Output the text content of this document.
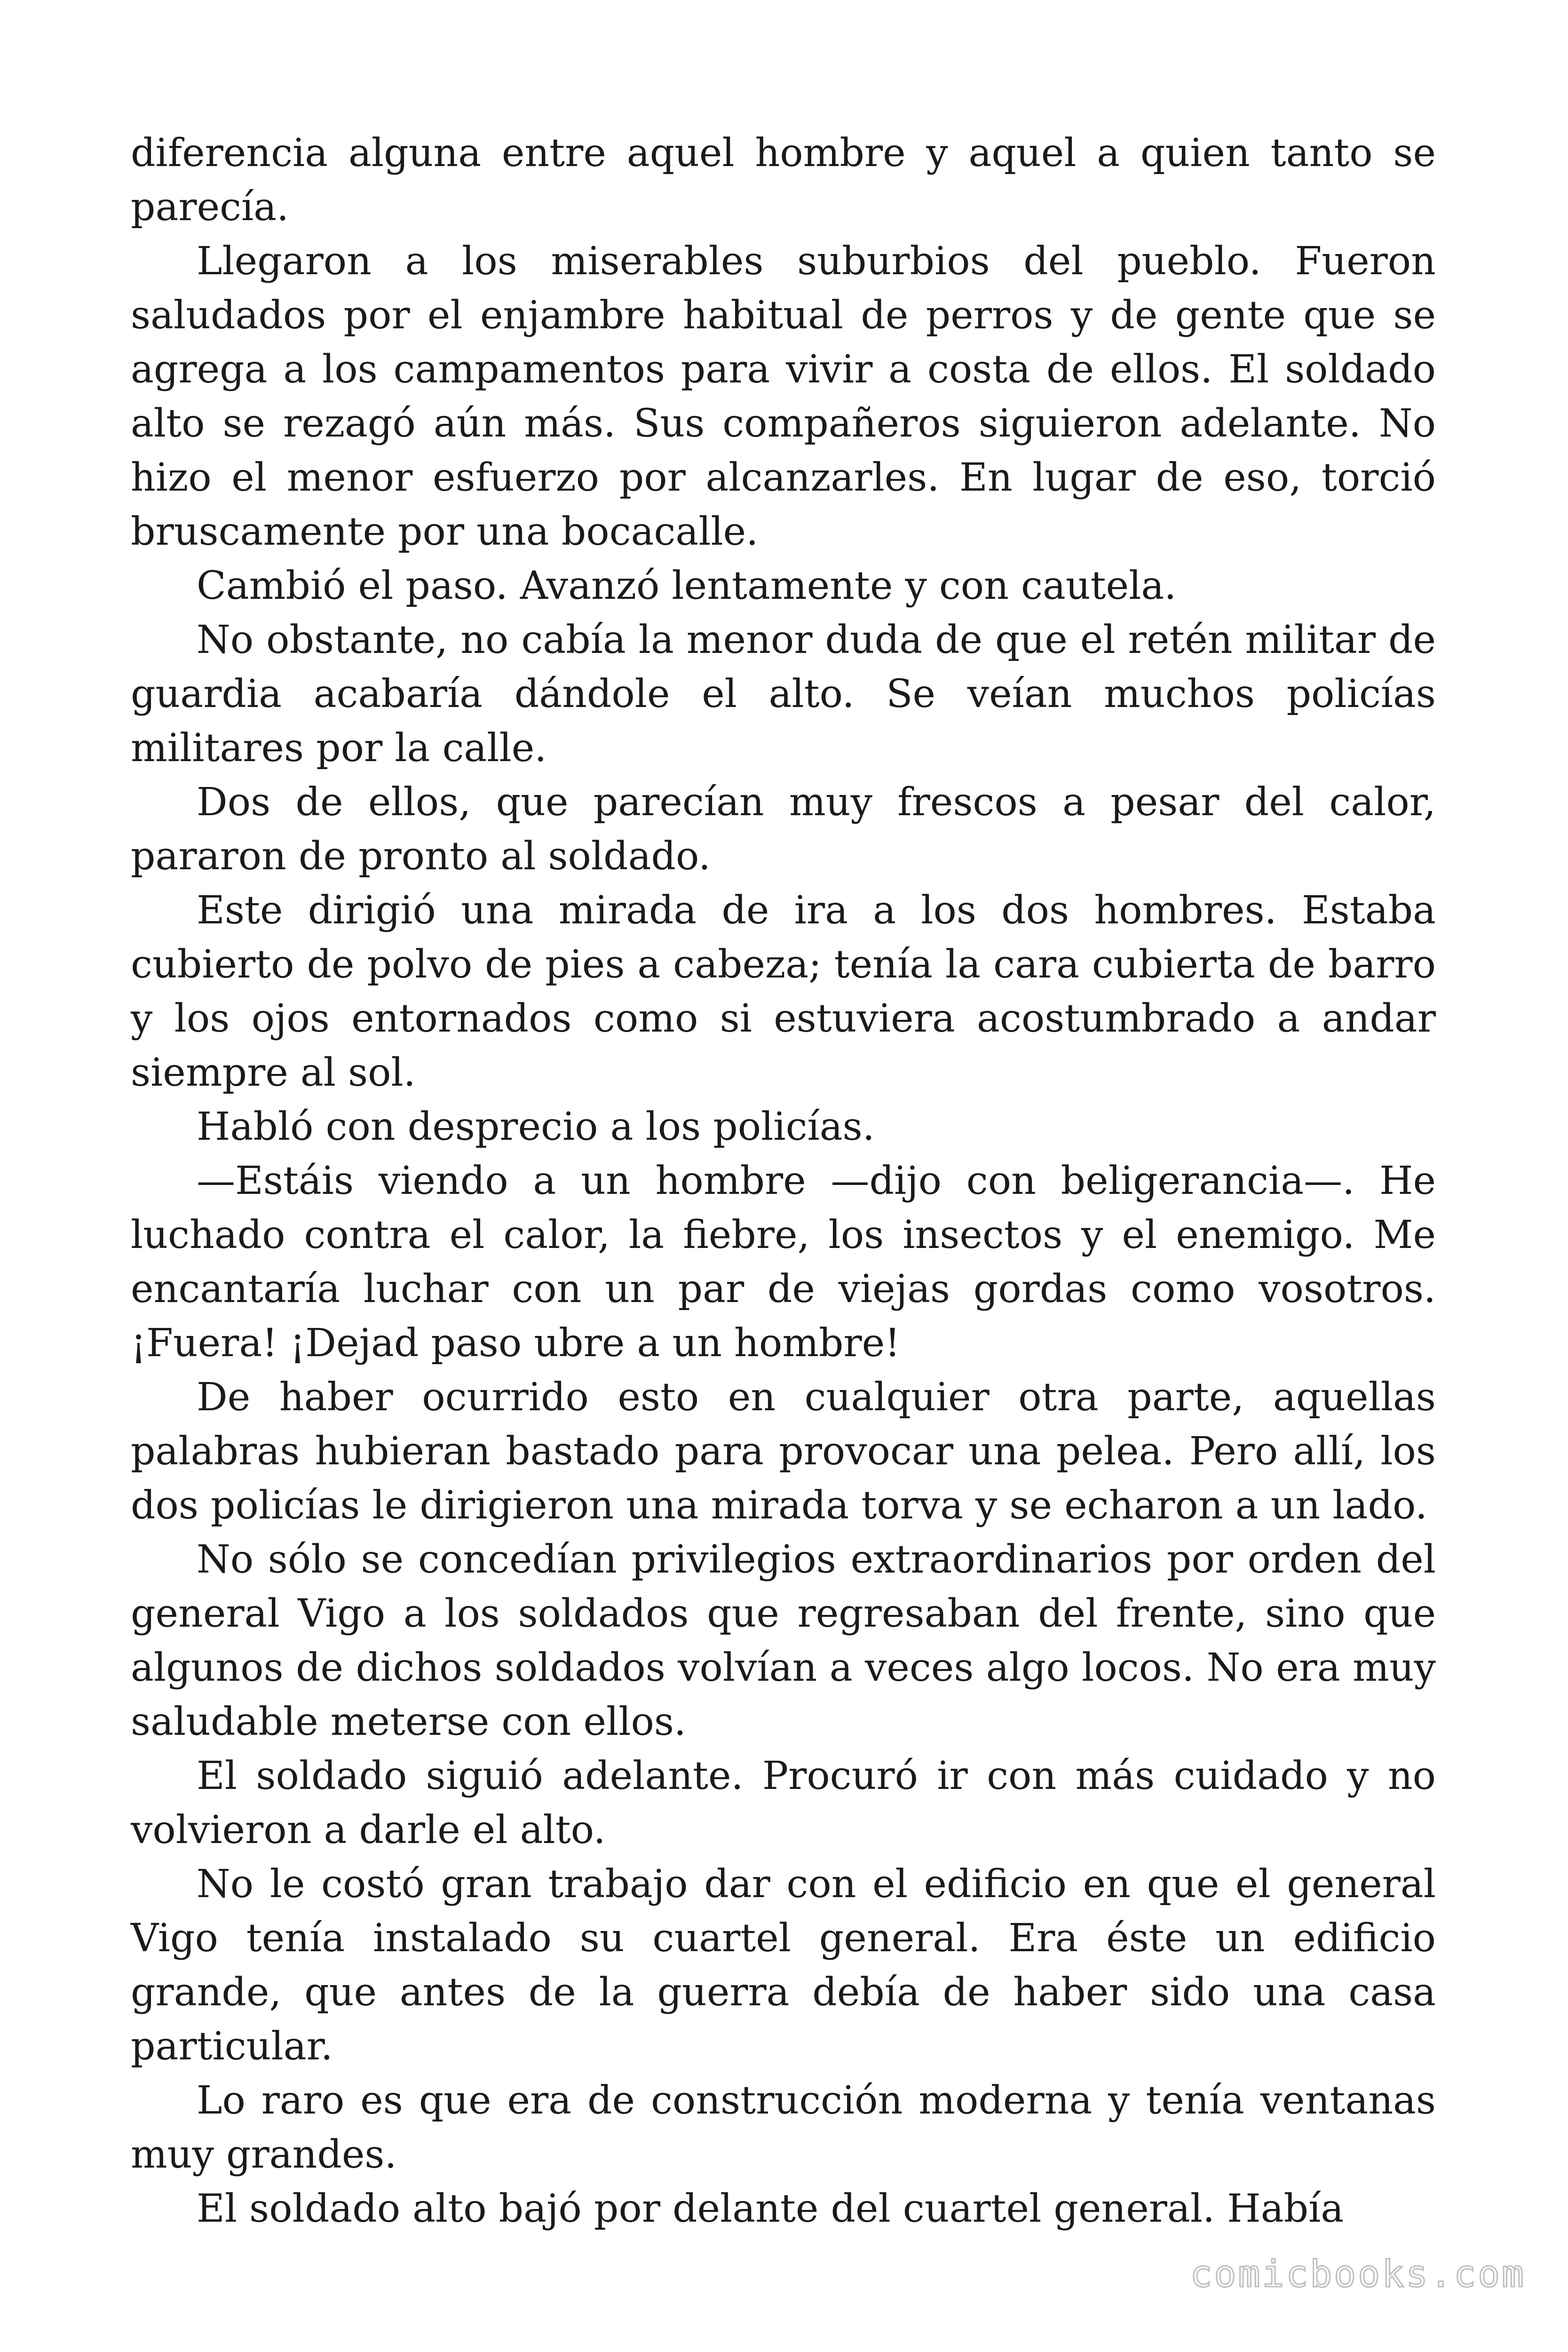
diferencia alguna entre aquel hombre y aquel a quien tanto se parecía.

Llegaron a los miserables suburbios del pueblo. Fueron saludados por el enjambre habitual de perros y de gente que se agrega a los campamentos para vivir a costa de ellos. El soldado alto se rezagó aún más. Sus compañeros siguieron adelante. No hizo el menor esfuerzo por alcanzarles. En lugar de eso, torció bruscamente por una bocacalle.

Cambió el paso. Avanzó lentamente y con cautela.

No obstante, no cabía la menor duda de que el retén militar de guardia acabaría dándole el alto. Se veían muchos policías militares por la calle.

Dos de ellos, que parecían muy frescos a pesar del calor, pararon de pronto al soldado.

Este dirigió una mirada de ira a los dos hombres. Estaba cubierto de polvo de pies a cabeza; tenía la cara cubierta de barro y los ojos entornados como si estuviera acostumbrado a andar siempre al sol.

Habló con desprecio a los policías.

—Estáis viendo a un hombre —dijo con beligerancia—. He luchado contra el calor, la fiebre, los insectos y el enemigo. Me encantaría luchar con un par de viejas gordas como vosotros. ¡Fuera! ¡Dejad paso ubre a un hombre!

De haber ocurrido esto en cualquier otra parte, aquellas palabras hubieran bastado para provocar una pelea. Pero allí, los dos policías le dirigieron una mirada torva y se echaron a un lado.

No sólo se concedían privilegios extraordinarios por orden del general Vigo a los soldados que regresaban del frente, sino que algunos de dichos soldados volvían a veces algo locos. No era muy saludable meterse con ellos.

El soldado siguió adelante. Procuró ir con más cuidado y no volvieron a darle el alto.

No le costó gran trabajo dar con el edificio en que el general Vigo tenía instalado su cuartel general. Era éste un edificio grande, que antes de la guerra debía de haber sido una casa particular.

Lo raro es que era de construcción moderna y tenía ventanas muy grandes.

El soldado alto bajó por delante del cuartel general. Había

comicbooks.com
